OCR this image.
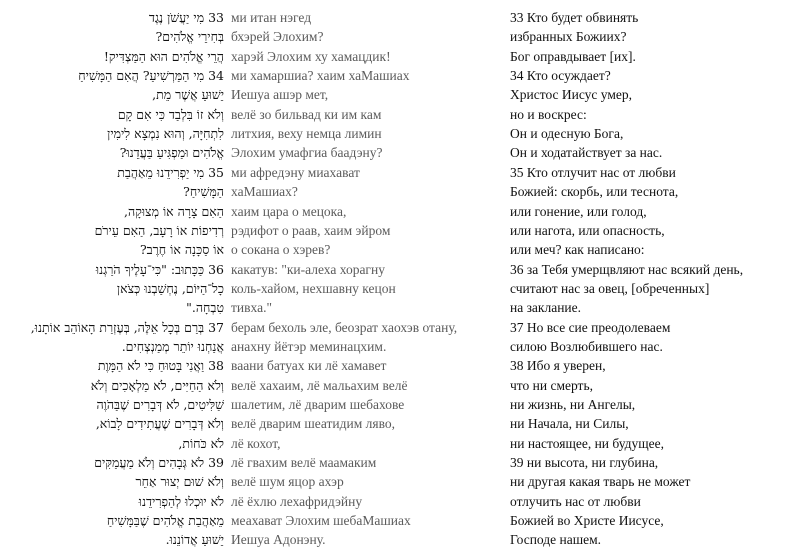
33 מִי יַעֲשֹׁן נֶגֶד ми итан нэгед	33 Кто будет обвинять
בְּחִירֵי אֱלֹהִים? бхэрей Элохим?	избранных Божиих?
הֲרֵי אֱלֹהִים הוּא הַמַּצְדִּיק! харэй Элохим ху хамацдик!	Бог оправдывает [их].
34 מִי הַמַּרְשִׁיעַ? הֲאִם הַמָּשִׁיחַ ми хамаршиа? хаим хаМашиах	34 Кто осуждает?
יֵשׁוּעַ אֲשֶׁר מֵת, Иешуа ашэр мет,	Христос Иисус умер,
וְלֹא זוֹ בִּלְבַד כִּי אִם קָם велё зо бильвад ки им кам	но и воскрес:
לִתְחִיָּה, וְהוּא נִמְצָא לִימִין литхия, веху немца лимин	Он и одесную Бога,
אֱלֹהִים וּמַפְגִּיעַ בַּעֲדֵנוּ? Элохим умафгиа баадэну?	Он и ходатайствует за нас.
35 מִי יַפְרִידֵנוּ מֵאַהֲבַת ми афредэну миахават	35 Кто отлучит нас от любви
הַמָּשִׁיחַ? хаМашиах?	Божией: скорбь, или теснота,
הַאִם צָרָה אוֹ מְצוּקָה, хаим цара о мецока,	или гонение, или голод,
רְדִיפוֹת אוֹ רָעָב, הַאִם עֵירֹם рэдифот о раав, хаим эйром	или нагота, или опасность,
אוֹ סַכָּנָה אוֹ חֶרֶב? о сокана о хэрев?	или меч? как написано:
36 כַּכָּתוּב: "כִּי־עָלֶיךָ הֹרַגְנוּ какатув: "ки-алеха хорагну	36 за Тебя умерщвляют нас всякий день,
כָל־הַיּוֹם, נֶחְשַׁבְנוּ כְּצֹאן коль-хайом, нехшавну кецон	считают нас за овец, [обреченных]
טִבְחָה." тивха."	на заклание.
37 בְּרַם בְּכָל אֵלֶּה, בְּעֶזְרַת הָאוֹהֵב אוֹתָנוּ, берам бехоль эле, беозрат хаохэв отану,	37 Но все сие преодолеваем
אֲנַחְנוּ יוֹתֵר מְמַנְצְחִים. анахну йётэр меминацхим.	силою Возлюбившего нас.
38 וַאֲנִי בָּטוּחַ כִּי לֹא הַמָּוֶת ваани батуах ки лё хамавет	38 Ибо я уверен,
וְלֹא הַחַיִּים, לֹא מַלְאָכִים וְלֹא велё хахаим, лё мальахим велё	что ни смерть,
שַׁלִּיטִים, לֹא דְּבָרִים שֶׁבַּהֹוֶה шалетим, лё дварим шебахове	ни жизнь, ни Ангелы,
וְלֹא דְּבָרִים שֶׁעֲתִידִים לָבוֹא, велё дварим шеатидим ляво,	ни Начала, ни Силы,
לֹא כֹּחוֹת, лё кохот,	ни настоящее, ни будущее,
39 לֹא גְּבָהִים וְלֹא מַעֲמַקִּים лё гвахим велё маамаким	39 ни высота, ни глубина,
וְלֹא שׁוּם יְצוּר אַחֵר велё шум яцор ахэр	ни другая какая тварь не может
לֹא יוּכְלוּ לְהַפְרִידֵנוּ лё ёхлю лехафридэйну	отлучить нас от любви
מֵאַהֲבַת אֱלֹהִים שֶׁבַּמָּשִׁיחַ меахават Элохим шебаМашиах	Божией во Христе Иисусе,
יֵשׁוּעַ אֲדוֹנֵנוּ. Иешуа Адонэну.	Господе нашем.
